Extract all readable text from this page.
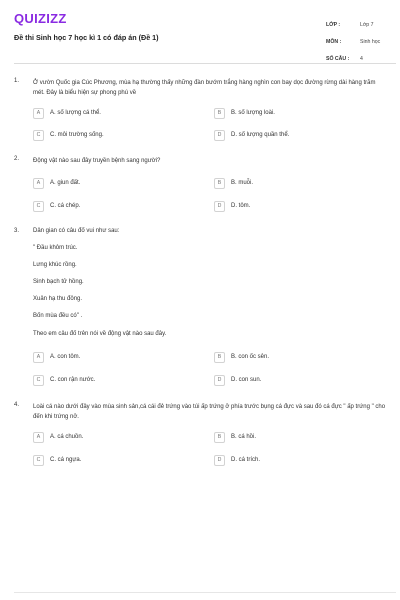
QUIZIZZ
Đề thi Sinh học 7 học kì 1 có đáp án (Đề 1)
LỚP :	Lớp 7
MÔN :	Sinh học
SỐ CÂU :	4
1. Ở vườn Quốc gia Cúc Phương, mùa hạ thường thấy những đàn bướm trắng hàng nghìn con bay dọc đường rừng dài hàng trăm mét. Đây là biểu hiện sự phong phú về
A	A. số lượng cá thể.	B	B. số lượng loài.
C	C. môi trường sống.	D	D. số lượng quần thể.
2. Động vật nào sau đây truyền bệnh sang người?
A	A. giun đất.	B	B. muỗi.
C	C. cá chép.	D	D. tôm.
3. Dân gian có câu đố vui như sau:
" Đầu khôm trúc.
Lưng khúc rồng.
Sinh bạch tử hồng.
Xuân hạ thu đông.
Bốn mùa đều có" .
Theo em câu đố trên nói về động vật nào sau đây.
A	A. con tôm.	B	B. con ốc sên.
C	C. con rận nước.	D	D. con sun.
4. Loài cá nào dưới đây vào mùa sinh sản,cá cái đẻ trứng vào túi ấp trứng ở phía trước bụng cá đực và sau đó cá đực " ấp trứng " cho đến khi trứng nở.
A	A. cá chuồn.	B	B. cá hồi.
C	C. cá ngựa.	D	D. cá trích.
